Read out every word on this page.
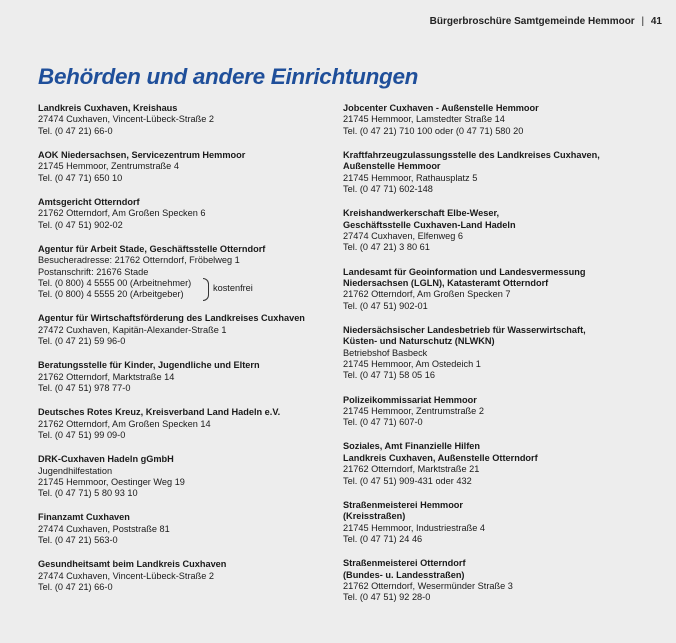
Bürgerbroschüre Samtgemeinde Hemmoor | 41
Behörden und andere Einrichtungen
Landkreis Cuxhaven, Kreishaus
27474 Cuxhaven, Vincent-Lübeck-Straße 2
Tel. (0 47 21) 66-0
AOK Niedersachsen, Servicezentrum Hemmoor
21745 Hemmoor, Zentrumstraße 4
Tel. (0 47 71) 650 10
Amtsgericht Otterndorf
21762 Otterndorf, Am Großen Specken 6
Tel. (0 47 51) 902-02
Agentur für Arbeit Stade, Geschäftsstelle Otterndorf
Besucheradresse: 21762 Otterndorf, Fröbelweg 1
Postanschrift: 21676 Stade
Tel. (0 800) 4 5555 00 (Arbeitnehmer)
Tel. (0 800) 4 5555 20 (Arbeitgeber)
kostenfrei
Agentur für Wirtschaftsförderung des Landkreises Cuxhaven
27472 Cuxhaven, Kapitän-Alexander-Straße 1
Tel. (0 47 21) 59 96-0
Beratungsstelle für Kinder, Jugendliche und Eltern
21762 Otterndorf, Marktstraße 14
Tel. (0 47 51) 978 77-0
Deutsches Rotes Kreuz, Kreisverband Land Hadeln e.V.
21762 Otterndorf, Am Großen Specken 14
Tel. (0 47 51) 99 09-0
DRK-Cuxhaven Hadeln gGmbH
Jugendhilfestation
21745 Hemmoor, Oestinger Weg 19
Tel. (0 47 71) 5 80 93 10
Finanzamt Cuxhaven
27474 Cuxhaven, Poststraße 81
Tel. (0 47 21) 563-0
Gesundheitsamt beim Landkreis Cuxhaven
27474 Cuxhaven, Vincent-Lübeck-Straße 2
Tel. (0 47 21) 66-0
Jobcenter Cuxhaven - Außenstelle Hemmoor
21745 Hemmoor, Lamstedter Straße 14
Tel. (0 47 21) 710 100 oder (0 47 71) 580 20
Kraftfahrzeugzulassungsstelle des Landkreises Cuxhaven,
Außenstelle Hemmoor
21745 Hemmoor, Rathausplatz 5
Tel. (0 47 71) 602-148
Kreishandwerkerschaft Elbe-Weser,
Geschäftsstelle Cuxhaven-Land Hadeln
27474 Cuxhaven, Elfenweg 6
Tel. (0 47 21) 3 80 61
Landesamt für Geoinformation und Landesvermessung
Niedersachsen (LGLN), Katasteramt Otterndorf
21762 Otterndorf, Am Großen Specken 7
Tel. (0 47 51) 902-01
Niedersächsischer Landesbetrieb für Wasserwirtschaft,
Küsten- und Naturschutz (NLWKN)
Betriebshof Basbeck
21745 Hemmoor, Am Ostedeich 1
Tel. (0 47 71) 58 05 16
Polizeikommissariat Hemmoor
21745 Hemmoor, Zentrumstraße 2
Tel. (0 47 71) 607-0
Soziales, Amt Finanzielle Hilfen
Landkreis Cuxhaven, Außenstelle Otterndorf
21762 Otterndorf, Marktstraße 21
Tel. (0 47 51) 909-431 oder 432
Straßenmeisterei Hemmoor
(Kreisstraßen)
21745 Hemmoor, Industriestraße 4
Tel. (0 47 71) 24 46
Straßenmeisterei Otterndorf
(Bundes- u. Landesstraßen)
21762 Otterndorf, Wesermünder Straße 3
Tel. (0 47 51) 92 28-0
